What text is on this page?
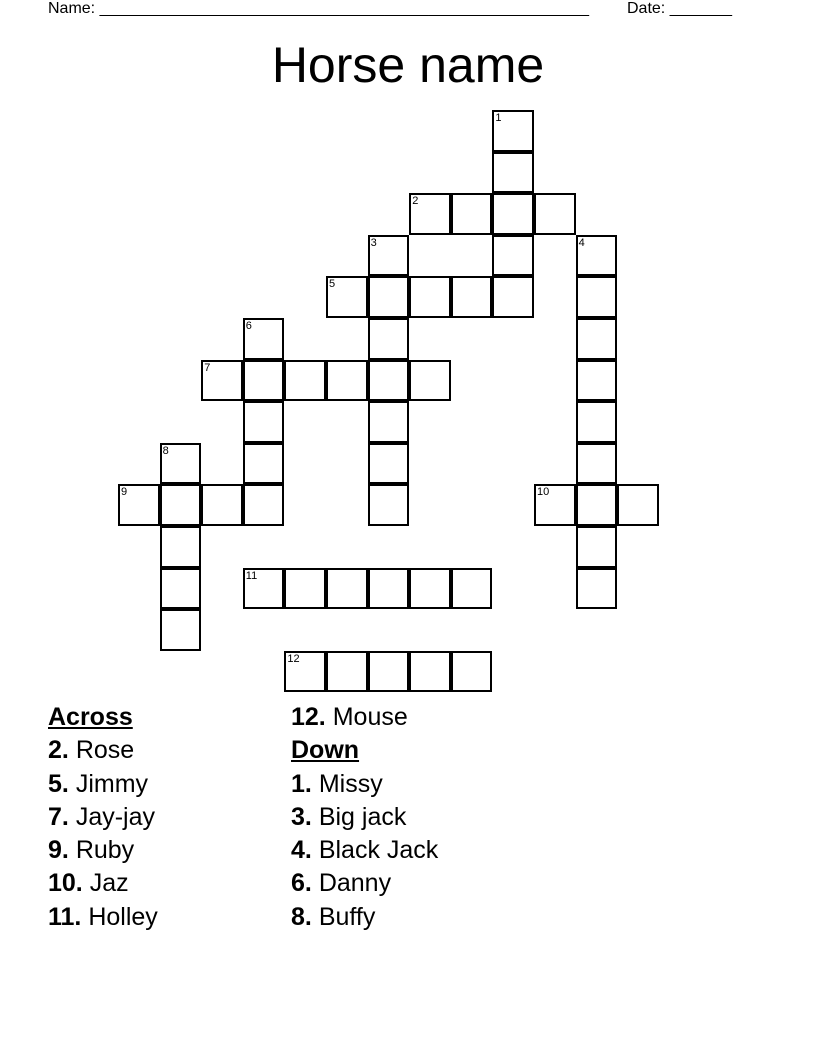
Name: _______________________________________________________ Date: _______
Horse name
1
2
3	4
5
6
7
8
9	10
11
12
Across
2. Rose
5. Jimmy
7. Jay-jay
9. Ruby
10. Jaz
11. Holley
12. Mouse
Down
1. Missy
3. Big jack
4. Black Jack
6. Danny
8. Buffy
